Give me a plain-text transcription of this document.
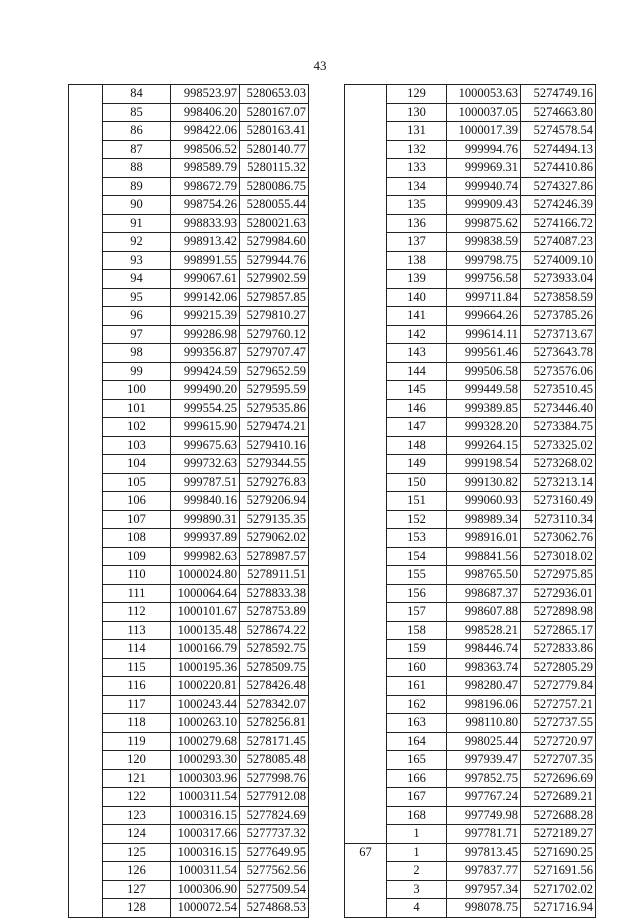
43
	84	998523.97	5280653.03
	85	998406.20	5280167.07
	86	998422.06	5280163.41
	87	998506.52	5280140.77
	88	998589.79	5280115.32
	89	998672.79	5280086.75
	90	998754.26	5280055.44
	91	998833.93	5280021.63
	92	998913.42	5279984.60
	93	998991.55	5279944.76
	94	999067.61	5279902.59
	95	999142.06	5279857.85
	96	999215.39	5279810.27
	97	999286.98	5279760.12
	98	999356.87	5279707.47
	99	999424.59	5279652.59
	100	999490.20	5279595.59
	101	999554.25	5279535.86
	102	999615.90	5279474.21
	103	999675.63	5279410.16
	104	999732.63	5279344.55
	105	999787.51	5279276.83
	106	999840.16	5279206.94
	107	999890.31	5279135.35
	108	999937.89	5279062.02
	109	999982.63	5278987.57
	110	1000024.80	5278911.51
	111	1000064.64	5278833.38
	112	1000101.67	5278753.89
	113	1000135.48	5278674.22
	114	1000166.79	5278592.75
	115	1000195.36	5278509.75
	116	1000220.81	5278426.48
	117	1000243.44	5278342.07
	118	1000263.10	5278256.81
	119	1000279.68	5278171.45
	120	1000293.30	5278085.48
	121	1000303.96	5277998.76
	122	1000311.54	5277912.08
	123	1000316.15	5277824.69
	124	1000317.66	5277737.32
	125	1000316.15	5277649.95
	126	1000311.54	5277562.56
	127	1000306.90	5277509.54
	128	1000072.54	5274868.53
	129	1000053.63	5274749.16
	130	1000037.05	5274663.80
	131	1000017.39	5274578.54
	132	999994.76	5274494.13
	133	999969.31	5274410.86
	134	999940.74	5274327.86
	135	999909.43	5274246.39
	136	999875.62	5274166.72
	137	999838.59	5274087.23
	138	999798.75	5274009.10
	139	999756.58	5273933.04
	140	999711.84	5273858.59
	141	999664.26	5273785.26
	142	999614.11	5273713.67
	143	999561.46	5273643.78
	144	999506.58	5273576.06
	145	999449.58	5273510.45
	146	999389.85	5273446.40
	147	999328.20	5273384.75
	148	999264.15	5273325.02
	149	999198.54	5273268.02
	150	999130.82	5273213.14
	151	999060.93	5273160.49
	152	998989.34	5273110.34
	153	998916.01	5273062.76
	154	998841.56	5273018.02
	155	998765.50	5272975.85
	156	998687.37	5272936.01
	157	998607.88	5272898.98
	158	998528.21	5272865.17
	159	998446.74	5272833.86
	160	998363.74	5272805.29
	161	998280.47	5272779.84
	162	998196.06	5272757.21
	163	998110.80	5272737.55
	164	998025.44	5272720.97
	165	997939.47	5272707.35
	166	997852.75	5272696.69
	167	997767.24	5272689.21
	168	997749.98	5272688.28
	1	997781.71	5272189.27
67	1	997813.45	5271690.25
	2	997837.77	5271691.56
	3	997957.34	5271702.02
	4	998078.75	5271716.94
